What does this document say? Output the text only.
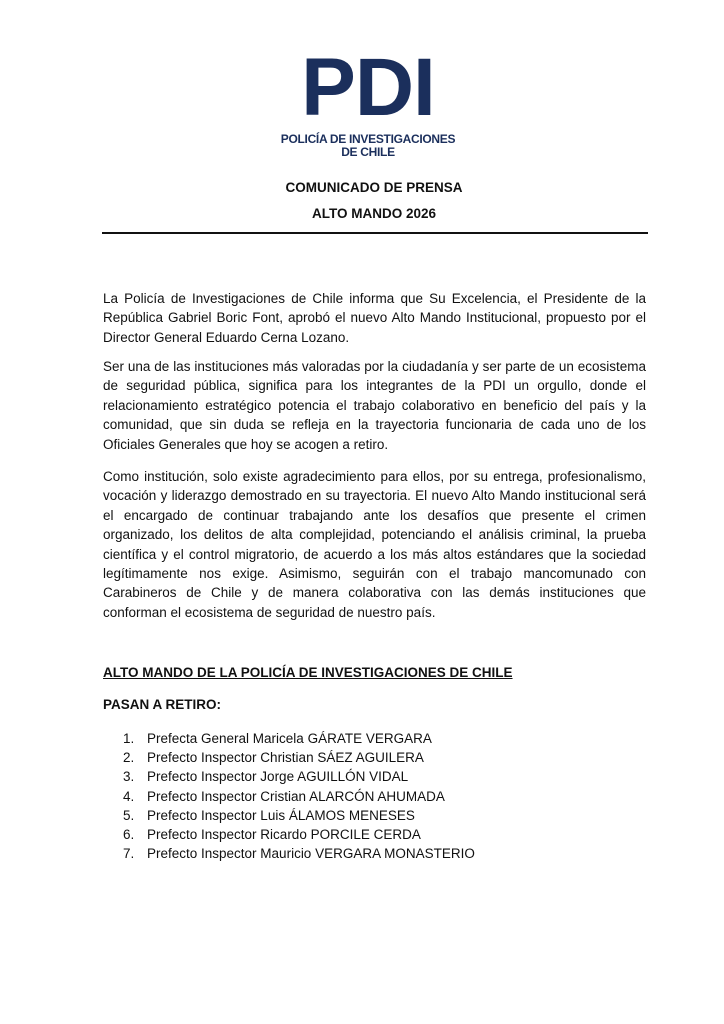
PDI
POLICÍA DE INVESTIGACIONES
DE CHILE
COMUNICADO DE PRENSA
ALTO MANDO 2026

La Policía de Investigaciones de Chile informa que Su Excelencia, el Presidente de la República Gabriel Boric Font, aprobó el nuevo Alto Mando Institucional, propuesto por el Director General Eduardo Cerna Lozano.

Ser una de las instituciones más valoradas por la ciudadanía y ser parte de un ecosistema de seguridad pública, significa para los integrantes de la PDI un orgullo, donde el relacionamiento estratégico potencia el trabajo colaborativo en beneficio del país y la comunidad, que sin duda se refleja en la trayectoria funcionaria de cada uno de los Oficiales Generales que hoy se acogen a retiro.

Como institución, solo existe agradecimiento para ellos, por su entrega, profesionalismo, vocación y liderazgo demostrado en su trayectoria. El nuevo Alto Mando institucional será el encargado de continuar trabajando ante los desafíos que presente el crimen organizado, los delitos de alta complejidad, potenciando el análisis criminal, la prueba científica y el control migratorio, de acuerdo a los más altos estándares que la sociedad legítimamente nos exige. Asimismo, seguirán con el trabajo mancomunado con Carabineros de Chile y de manera colaborativa con las demás instituciones que conforman el ecosistema de seguridad de nuestro país.

ALTO MANDO DE LA POLICÍA DE INVESTIGACIONES DE CHILE
PASAN A RETIRO:
1. Prefecta General Maricela GÁRATE VERGARA
2. Prefecto Inspector Christian SÁEZ AGUILERA
3. Prefecto Inspector Jorge AGUILLÓN VIDAL
4. Prefecto Inspector Cristian ALARCÓN AHUMADA
5. Prefecto Inspector Luis ÁLAMOS MENESES
6. Prefecto Inspector Ricardo PORCILE CERDA
7. Prefecto Inspector Mauricio VERGARA MONASTERIO
